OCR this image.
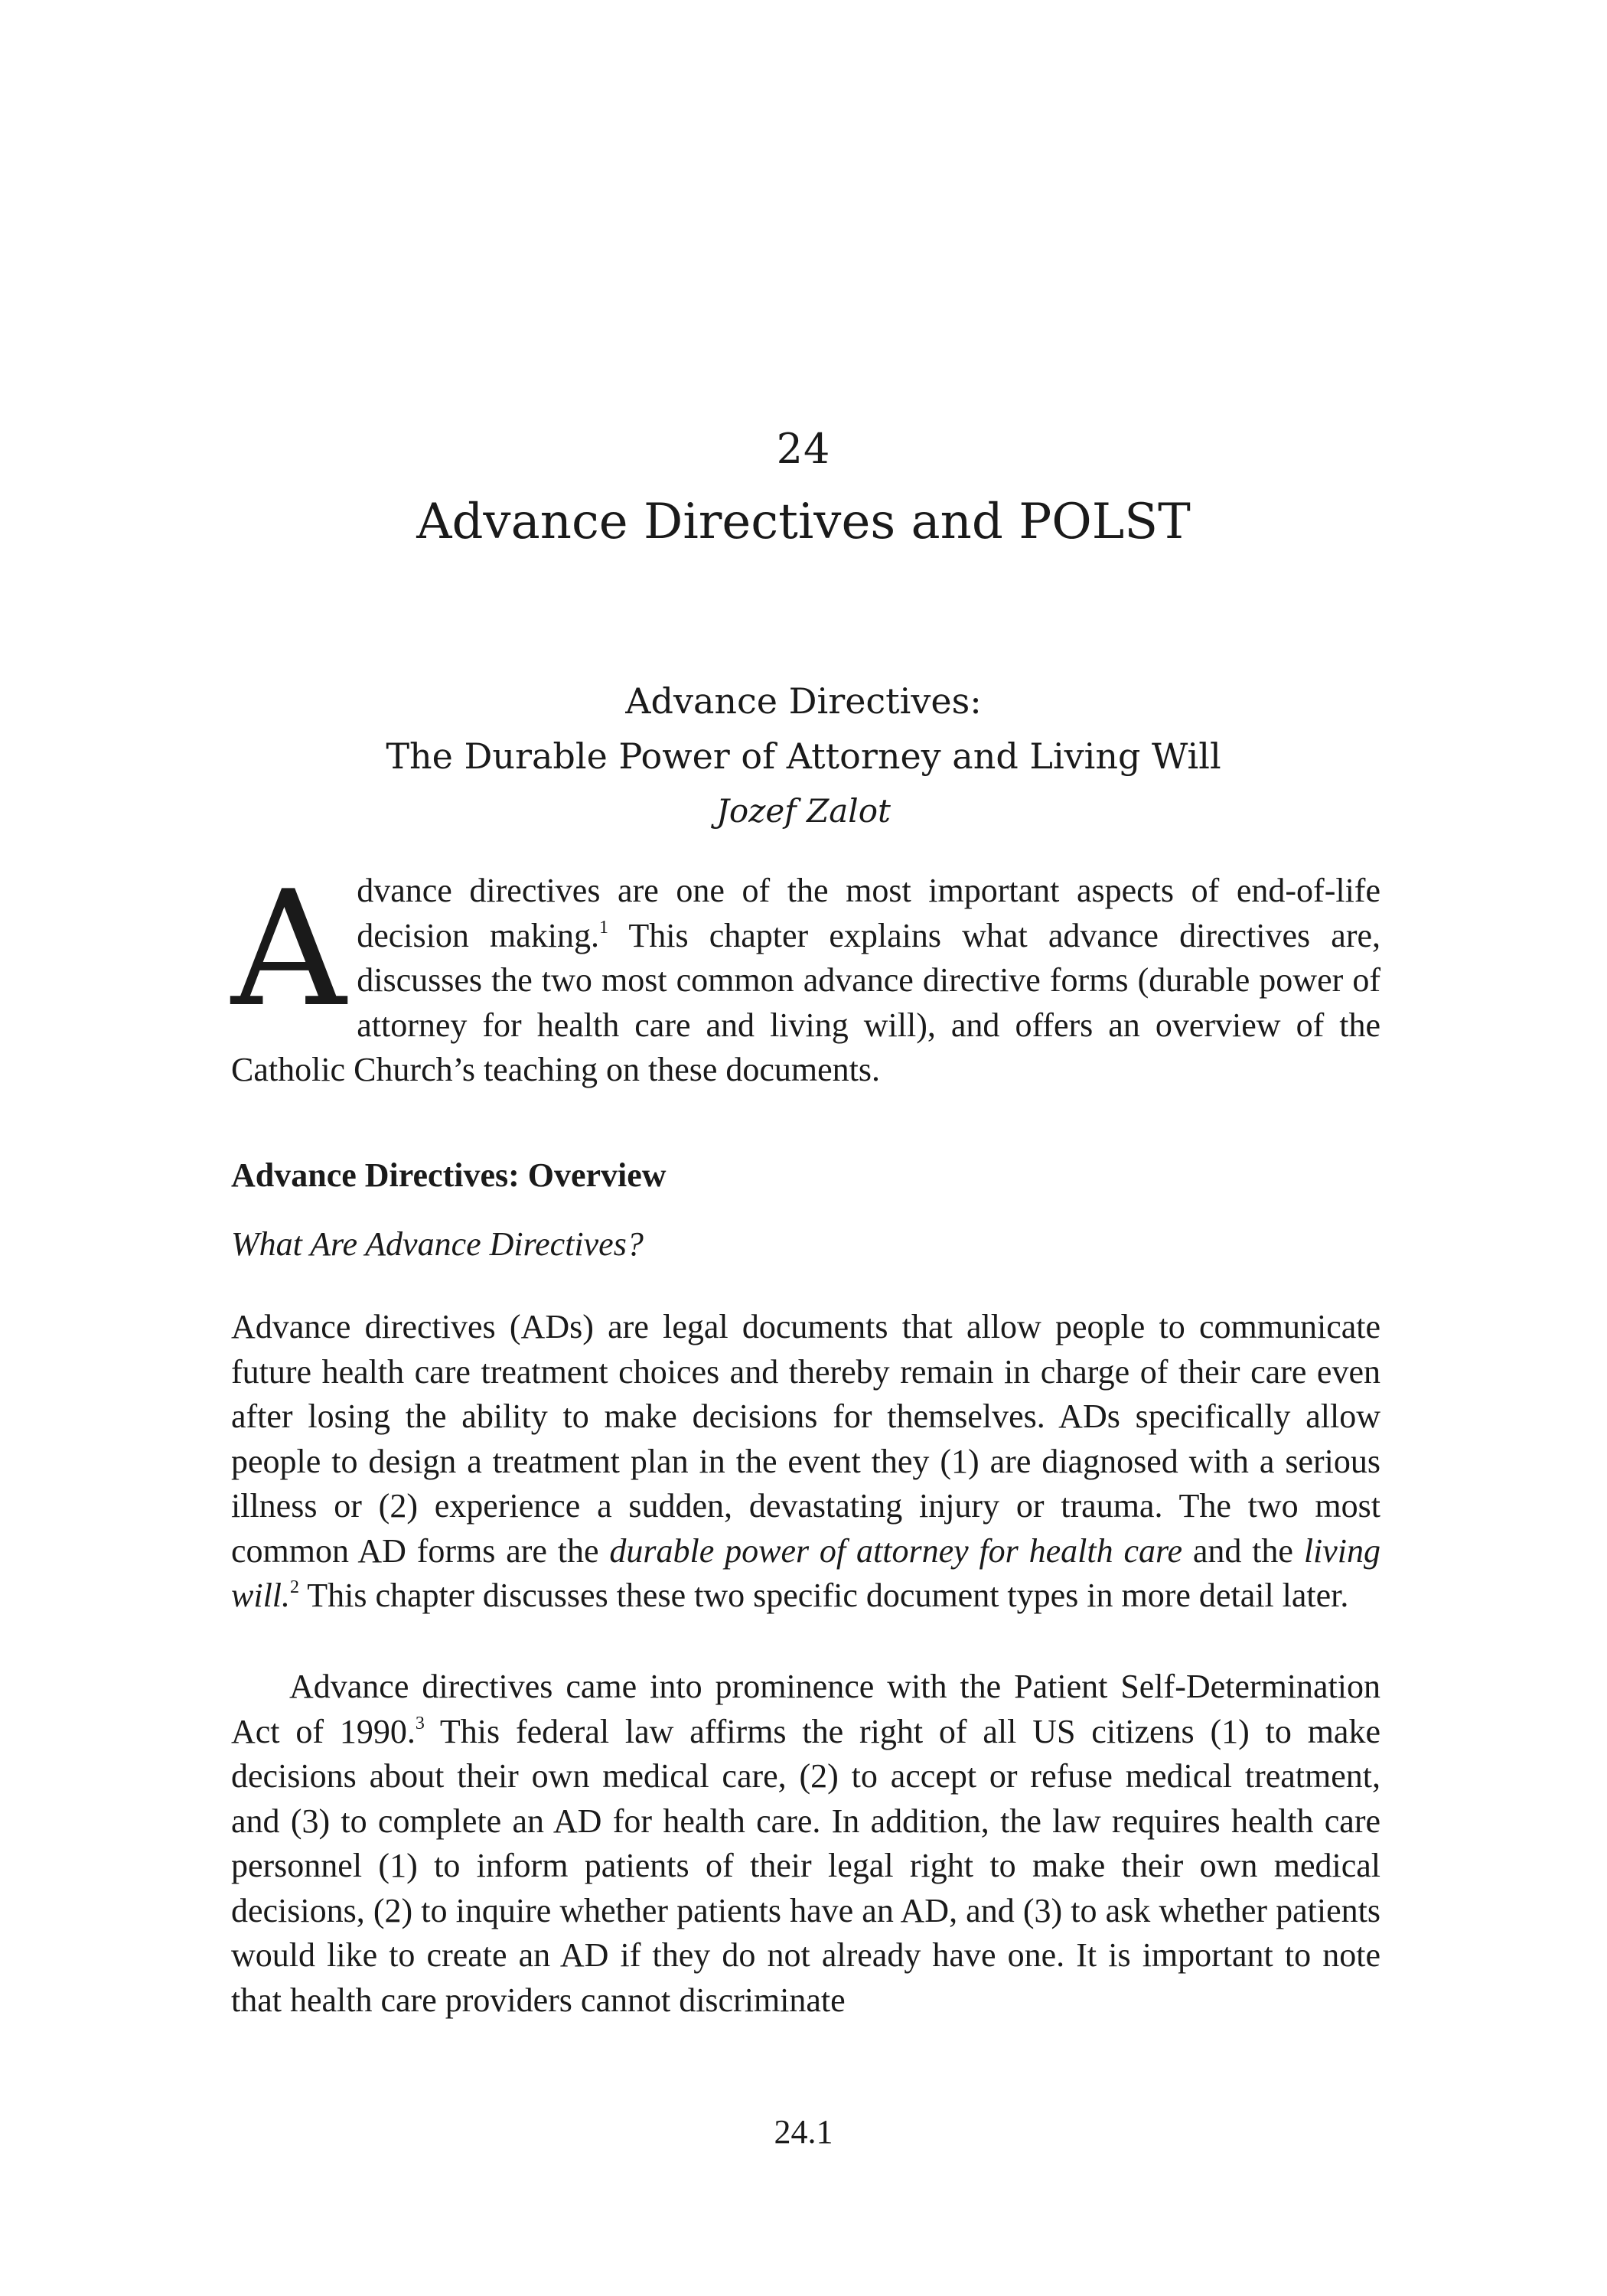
24
Advance Directives and POLST
Advance Directives:
The Durable Power of Attorney and Living Will
Jozef Zalot

Advance directives are one of the most important aspects of end-of-life decision making.$^1$ This chapter explains what advance directives are, discusses the two most common advance directive forms (durable power of attorney for health care and living will), and offers an overview of the Catholic Church’s teaching on these documents.

Advance Directives: Overview
What Are Advance Directives?

Advance directives (ADs) are legal documents that allow people to communicate future health care treatment choices and thereby remain in charge of their care even after losing the ability to make decisions for themselves. ADs specifically allow people to design a treatment plan in the event they (1) are diagnosed with a serious illness or (2) experience a sudden, devastating injury or trauma. The two most common AD forms are the durable power of attorney for health care and the living will.$^2$ This chapter discusses these two specific document types in more detail later.

Advance directives came into prominence with the Patient Self-Determination Act of 1990.$^3$ This federal law affirms the right of all US citizens (1) to make decisions about their own medical care, (2) to accept or refuse medical treatment, and (3) to complete an AD for health care. In addition, the law requires health care personnel (1) to inform patients of their legal right to make their own medical decisions, (2) to inquire whether patients have an AD, and (3) to ask whether patients would like to create an AD if they do not already have one. It is important to note that health care providers cannot discriminate

24.1
